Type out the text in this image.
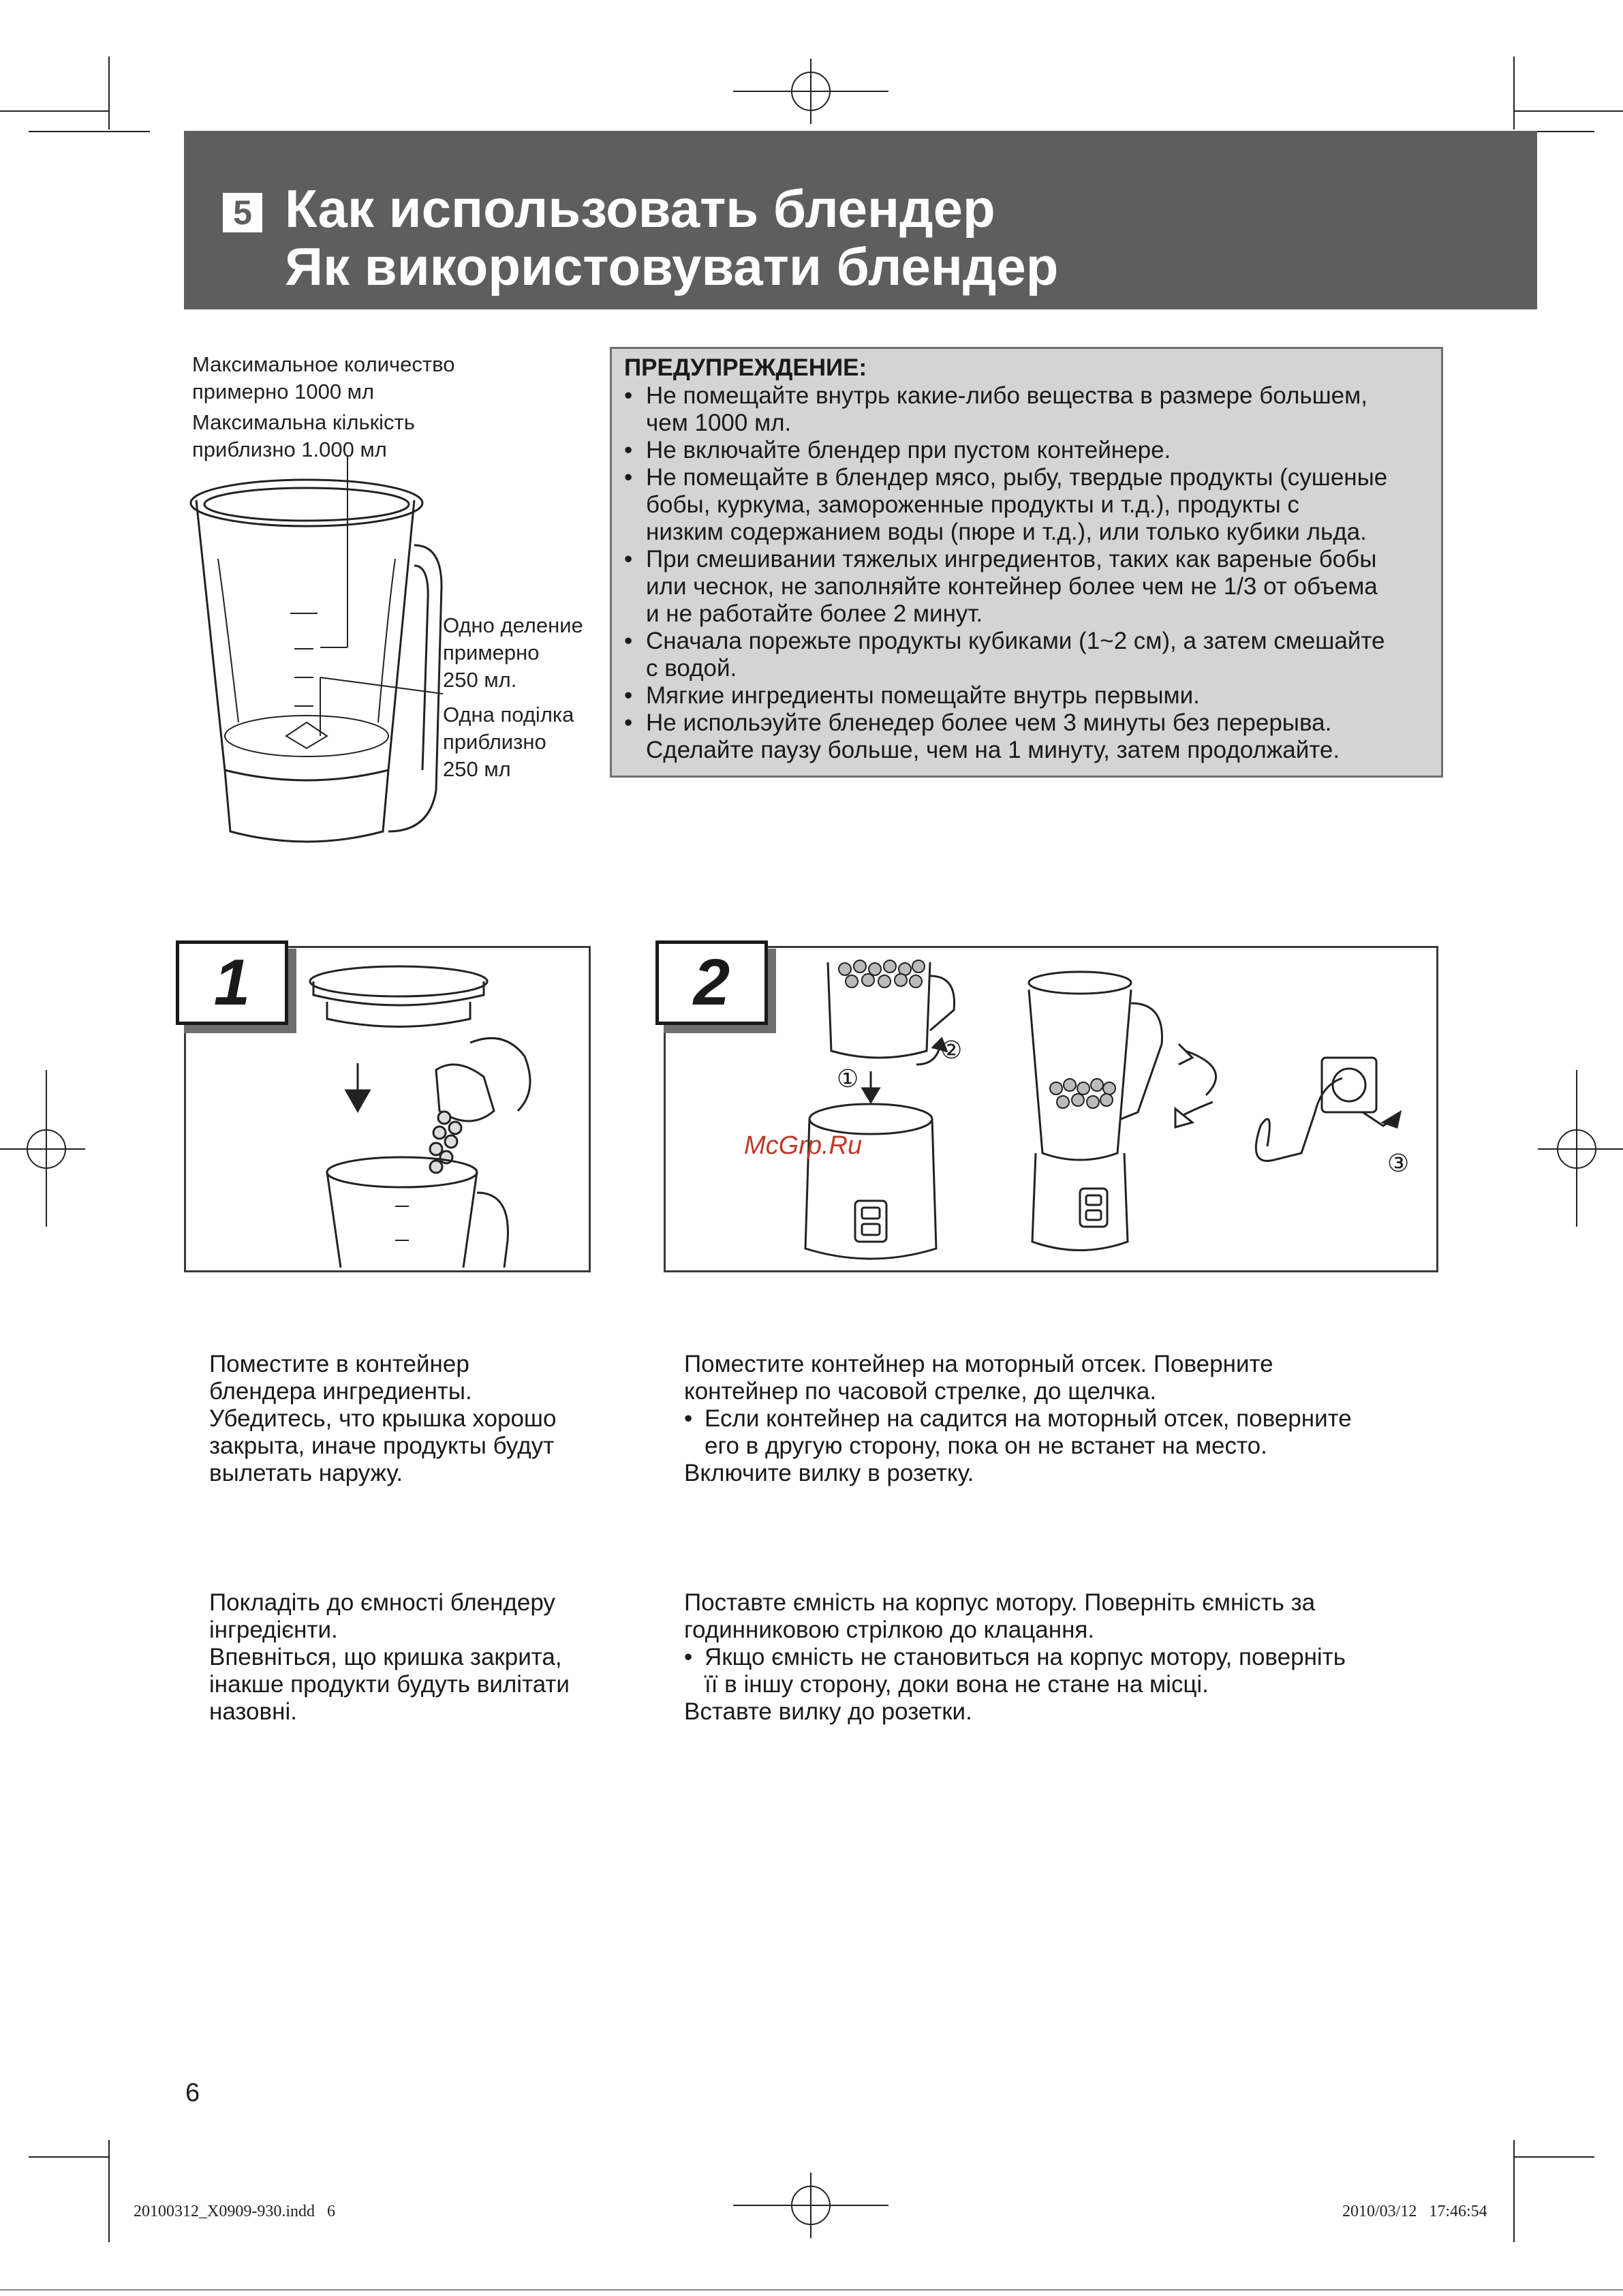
5 Как использовать блендер
Як використовувати блендер
Максимальное количество
примерно 1000 мл
Максимальна кількість
приблизно 1.000 мл
Одно деление
примерно
250 мл.
Одна поділка
приблизно
250 мл
ПРЕДУПРЕЖДЕНИЕ:
• Не помещайте внутрь какие-либо вещества в размере большем,
чем 1000 мл.
• Не включайте блендер при пустом контейнере.
• Не помещайте в блендер мясо, рыбу, твердые продукты (сушеные
бобы, куркума, замороженные продукты и т.д.), продукты с
низким содержанием воды (пюре и т.д.), или только кубики льда.
• При смешивании тяжелых ингредиентов, таких как вареные бобы
или чеснок, не заполняйте контейнер более чем не 1/3 от объема
и не работайте более 2 минут.
• Сначала порежьте продукты кубиками (1~2 см), а затем смешайте
с водой.
• Мягкие ингредиенты помещайте внутрь первыми.
• Не испольэуйте бленедер более чем 3 минуты без перерыва.
Сделайте паузу больше, чем на 1 минуту, затем продолжайте.
1	2
①
②
③
McGrp.Ru
Поместите в контейнер
блендера ингредиенты.
Убедитесь, что крышка хорошо
закрыта, иначе продукты будут
вылетать наружу.
Покладіть до ємності блендеру
інгредієнти.
Впевніться, що кришка закрита,
інакше продукти будуть вилітати
назовні.
Поместите контейнер на моторный отсек. Поверните
контейнер по часовой стрелке, до щелчка.
• Если контейнер на садится на моторный отсек, поверните
его в другую сторону, пока он не встанет на место.
Включите вилку в розетку.
Поставте ємність на корпус мотору. Поверніть ємність за
годинниковою стрілкою до клацання.
• Якщо ємність не становиться на корпус мотору, поверніть
її в іншу сторону, доки вона не стане на місці.
Вставте вилку до розетки.
6
20100312_X0909-930.indd   6	2010/03/12   17:46:54
